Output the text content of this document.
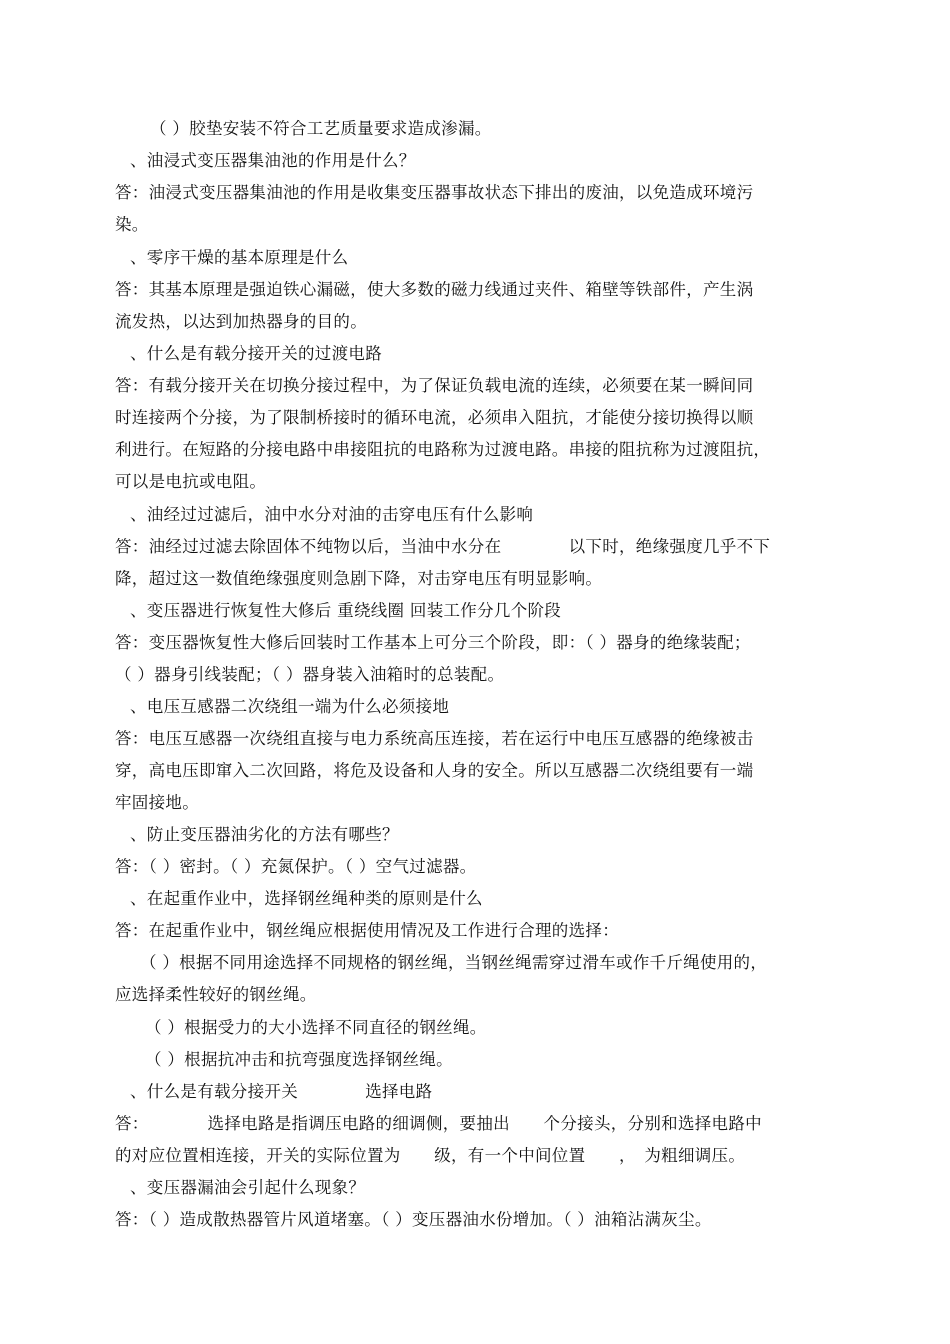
（ ）胶垫安装不符合工艺质量要求造成渗漏。
、油浸式变压器集油池的作用是什么？
答：油浸式变压器集油池的作用是收集变压器事故状态下排出的废油，以免造成环境污
染。
、零序干燥的基本原理是什么
答：其基本原理是强迫铁心漏磁，使大多数的磁力线通过夹件、箱壁等铁部件，产生涡
流发热，以达到加热器身的目的。
、什么是有载分接开关的过渡电路
答：有载分接开关在切换分接过程中，为了保证负载电流的连续，必须要在某一瞬间同
时连接两个分接，为了限制桥接时的循环电流，必须串入阻抗，才能使分接切换得以顺
利进行。在短路的分接电路中串接阻抗的电路称为过渡电路。串接的阻抗称为过渡阻抗，
可以是电抗或电阻。
、油经过过滤后，油中水分对油的击穿电压有什么影响
答：油经过过滤去除固体不纯物以后，当油中水分在　　　　以下时，绝缘强度几乎不下
降，超过这一数值绝缘强度则急剧下降，对击穿电压有明显影响。
、变压器进行恢复性大修后 重绕线圈 回装工作分几个阶段
答：变压器恢复性大修后回装时工作基本上可分三个阶段，即：（ ）器身的绝缘装配；
（ ）器身引线装配；（ ）器身装入油箱时的总装配。
、电压互感器二次绕组一端为什么必须接地
答：电压互感器一次绕组直接与电力系统高压连接，若在运行中电压互感器的绝缘被击
穿，高电压即窜入二次回路，将危及设备和人身的安全。所以互感器二次绕组要有一端
牢固接地。
、防止变压器油劣化的方法有哪些？
答：（ ）密封。（ ）充氮保护。（ ）空气过滤器。
、在起重作业中，选择钢丝绳种类的原则是什么
答：在起重作业中，钢丝绳应根据使用情况及工作进行合理的选择：
（ ）根据不同用途选择不同规格的钢丝绳，当钢丝绳需穿过滑车或作千斤绳使用的，
应选择柔性较好的钢丝绳。
（ ）根据受力的大小选择不同直径的钢丝绳。
（ ）根据抗冲击和抗弯强度选择钢丝绳。
、什么是有载分接开关　　　　选择电路
答：　　　　选择电路是指调压电路的细调侧，要抽出　　个分接头，分别和选择电路中
的对应位置相连接，开关的实际位置为　　级，有一个中间位置　　，　为粗细调压。
、变压器漏油会引起什么现象？
答：（ ）造成散热器管片风道堵塞。（ ）变压器油水份增加。（ ）油箱沾满灰尘。
